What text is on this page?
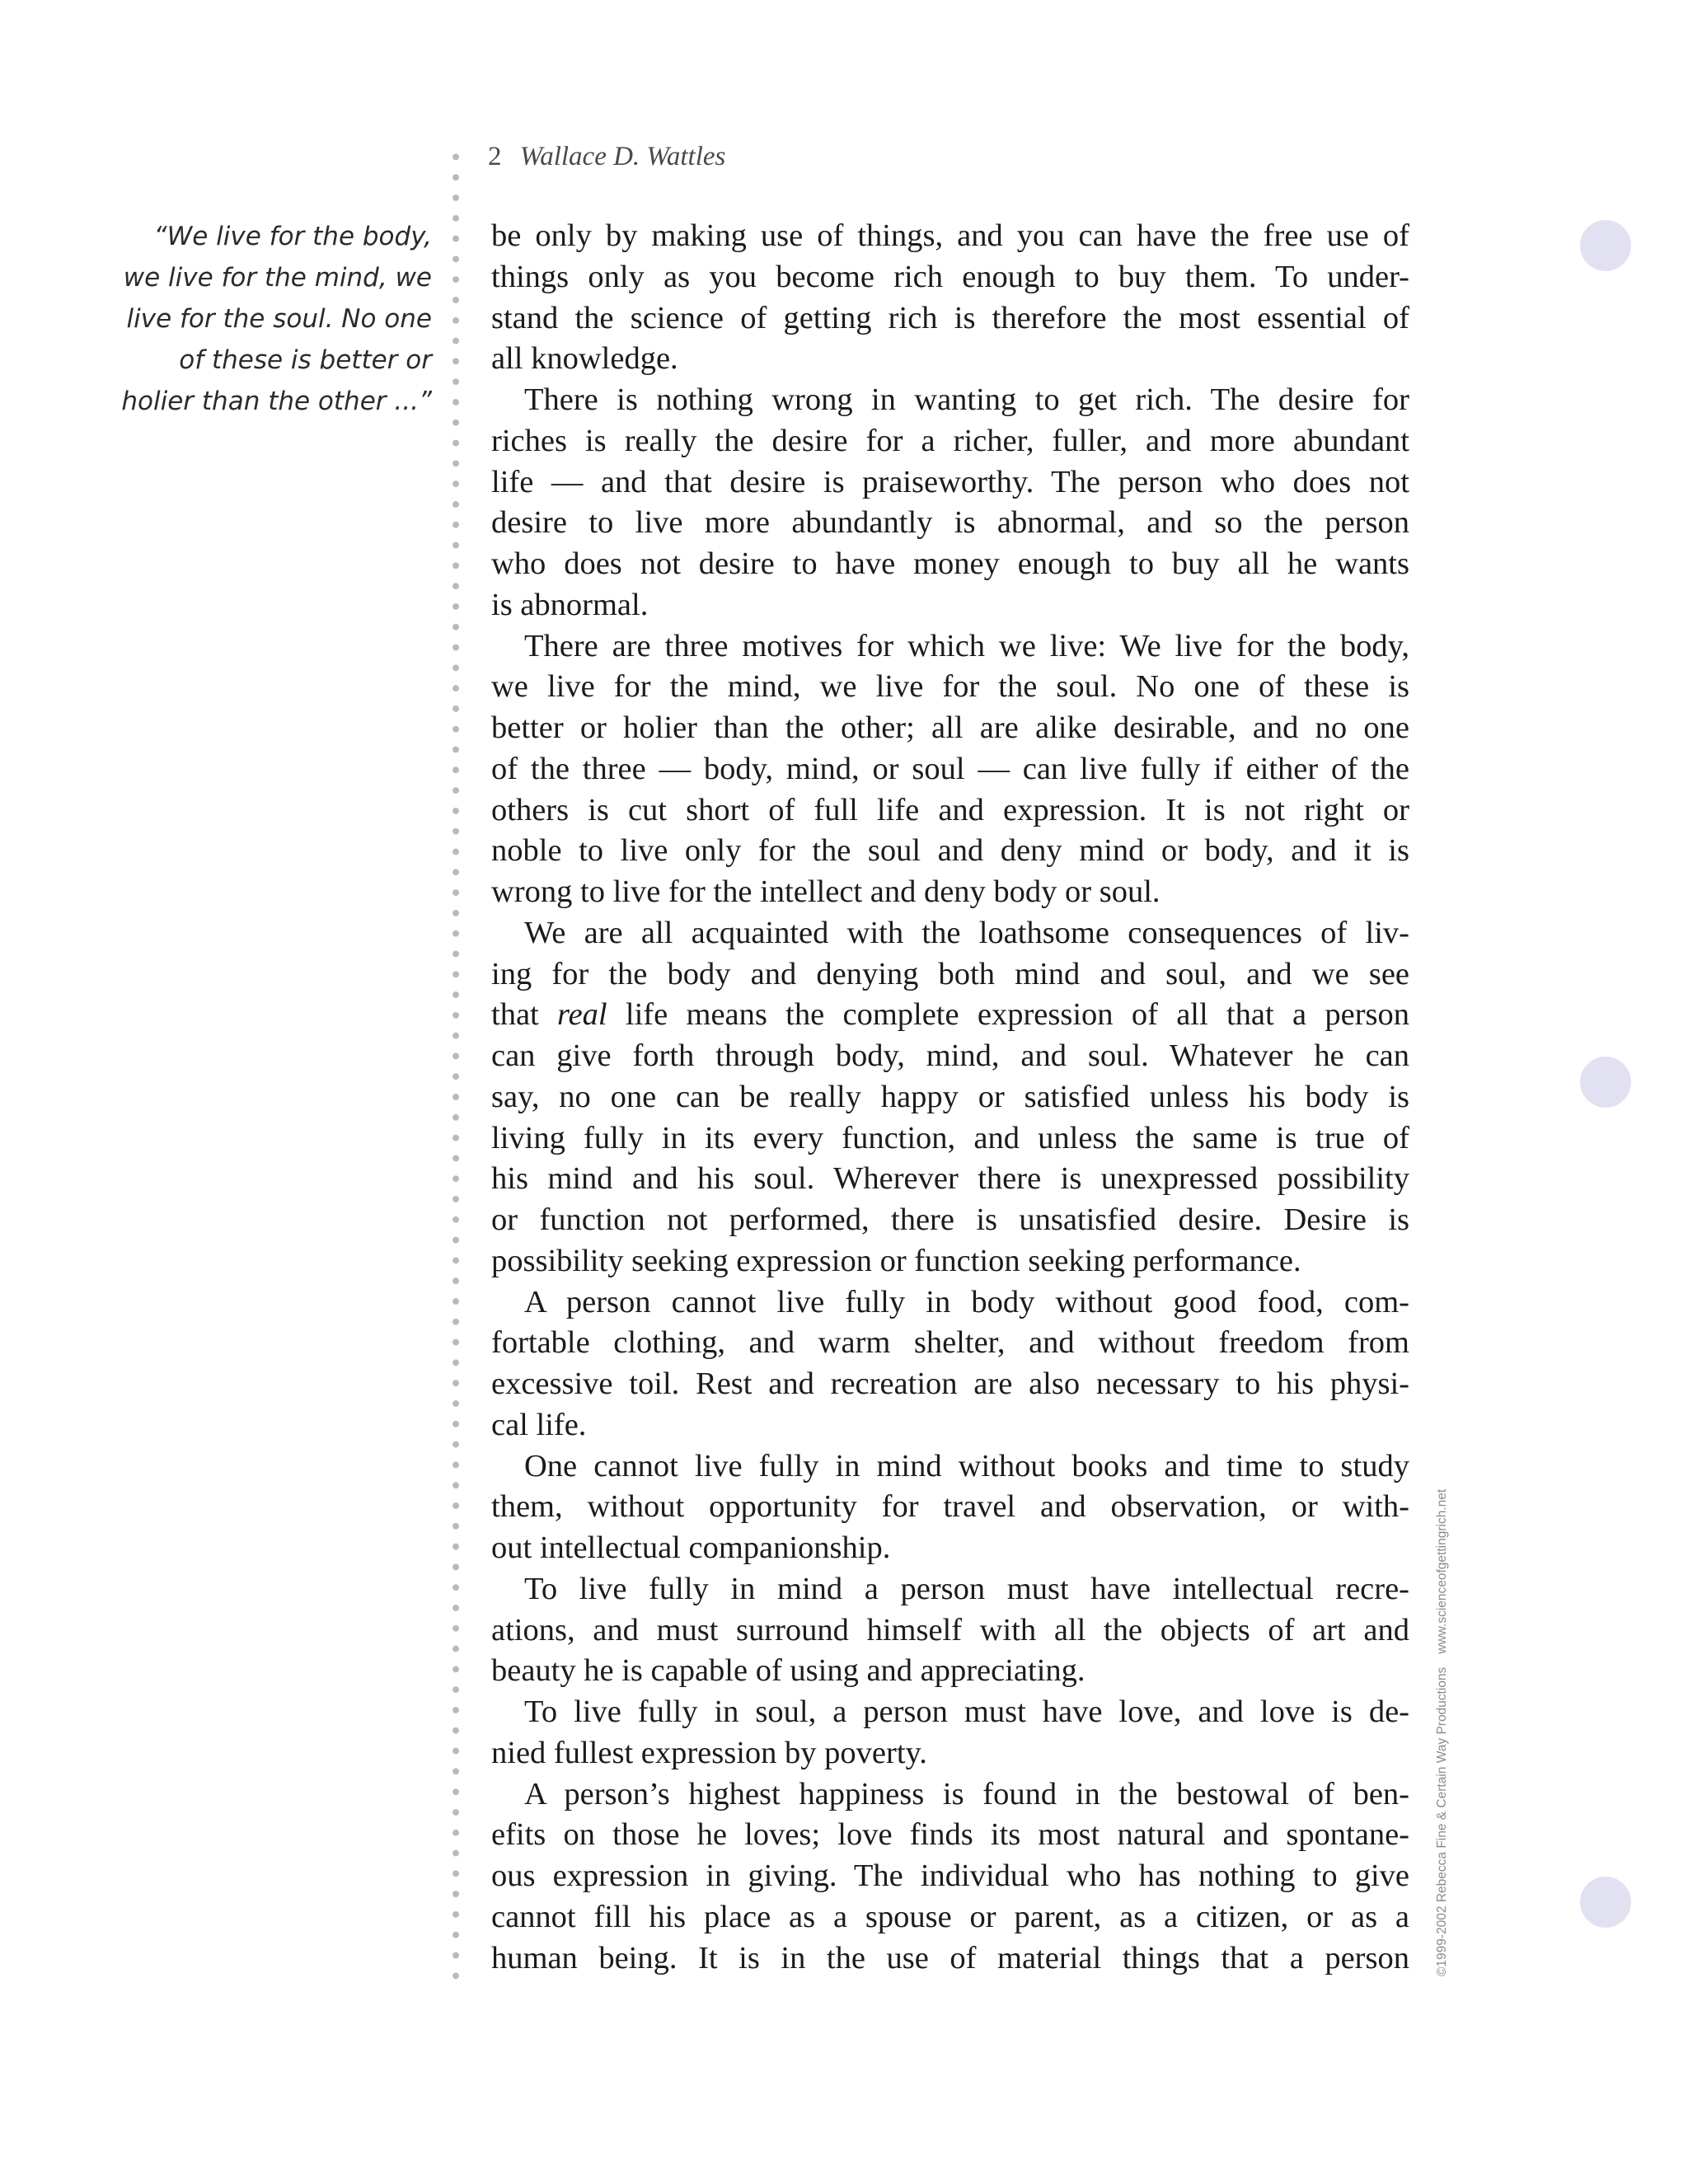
2 Wallace D. Wattles
“We live for the body,
we live for the mind, we
live for the soul. No one
of these is better or
holier than the other ...”
be only by making use of things, and you can have the free use of
things only as you become rich enough to buy them. To under-
stand the science of getting rich is therefore the most essential of
all knowledge.
There is nothing wrong in wanting to get rich. The desire for
riches is really the desire for a richer, fuller, and more abundant
life — and that desire is praiseworthy. The person who does not
desire to live more abundantly is abnormal, and so the person
who does not desire to have money enough to buy all he wants
is abnormal.
There are three motives for which we live: We live for the body,
we live for the mind, we live for the soul. No one of these is
better or holier than the other; all are alike desirable, and no one
of the three — body, mind, or soul — can live fully if either of the
others is cut short of full life and expression. It is not right or
noble to live only for the soul and deny mind or body, and it is
wrong to live for the intellect and deny body or soul.
We are all acquainted with the loathsome consequences of liv-
ing for the body and denying both mind and soul, and we see
that real life means the complete expression of all that a person
can give forth through body, mind, and soul. Whatever he can
say, no one can be really happy or satisfied unless his body is
living fully in its every function, and unless the same is true of
his mind and his soul. Wherever there is unexpressed possibility
or function not performed, there is unsatisfied desire. Desire is
possibility seeking expression or function seeking performance.
A person cannot live fully in body without good food, com-
fortable clothing, and warm shelter, and without freedom from
excessive toil. Rest and recreation are also necessary to his physi-
cal life.
One cannot live fully in mind without books and time to study
them, without opportunity for travel and observation, or with-
out intellectual companionship.
To live fully in mind a person must have intellectual recre-
ations, and must surround himself with all the objects of art and
beauty he is capable of using and appreciating.
To live fully in soul, a person must have love, and love is de-
nied fullest expression by poverty.
A person’s highest happiness is found in the bestowal of ben-
efits on those he loves; love finds its most natural and spontane-
ous expression in giving. The individual who has nothing to give
cannot fill his place as a spouse or parent, as a citizen, or as a
human being. It is in the use of material things that a person ©1999-2002 Rebecca Fine & Certain Way Productionswww.scienceofgettingrich.net
